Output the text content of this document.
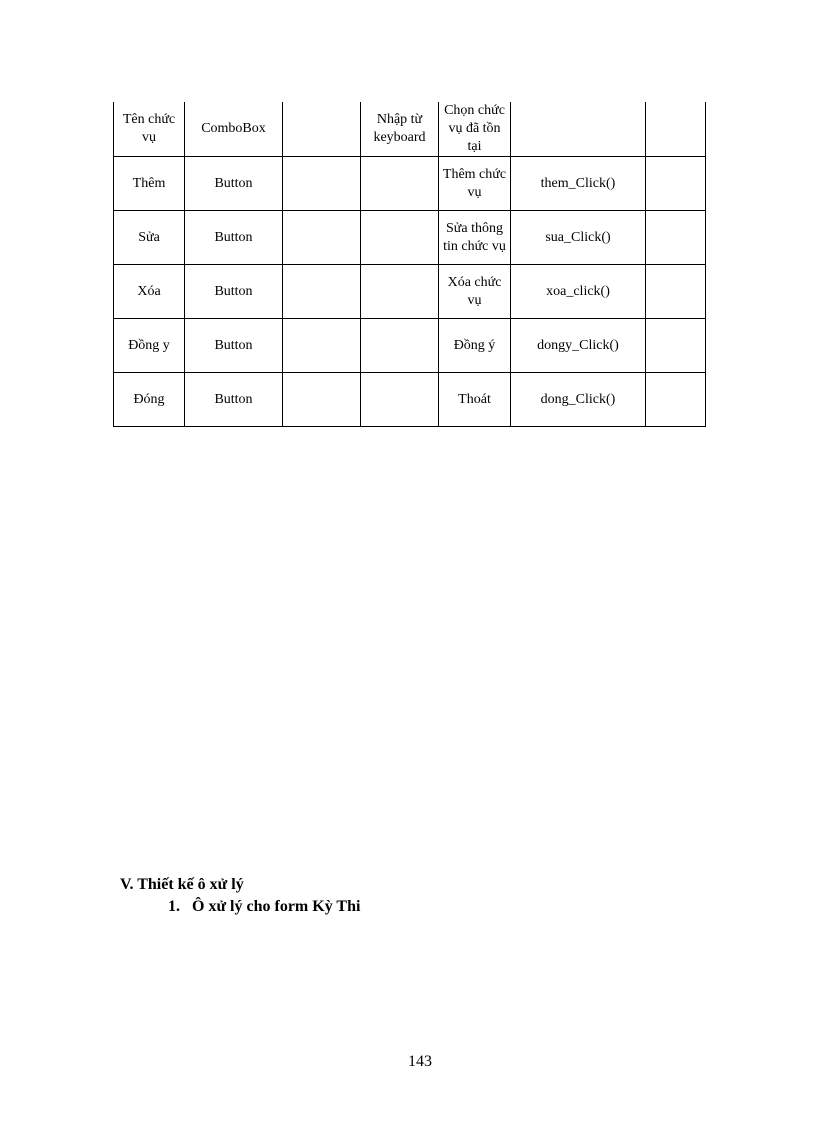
Tên chức vụ	ComboBox		Nhập từ keyboard	Chọn chức vụ đã tồn tại		
Thêm	Button			Thêm chức vụ	them_Click()	
Sửa	Button			Sửa thông tin chức vụ	sua_Click()	
Xóa	Button			Xóa chức vụ	xoa_click()	
Đồng y	Button			Đồng ý	dongy_Click()	
Đóng	Button			Thoát	dong_Click()	
V. Thiết kế ô xử lý
1. Ô xử lý cho form Kỳ Thi
143
